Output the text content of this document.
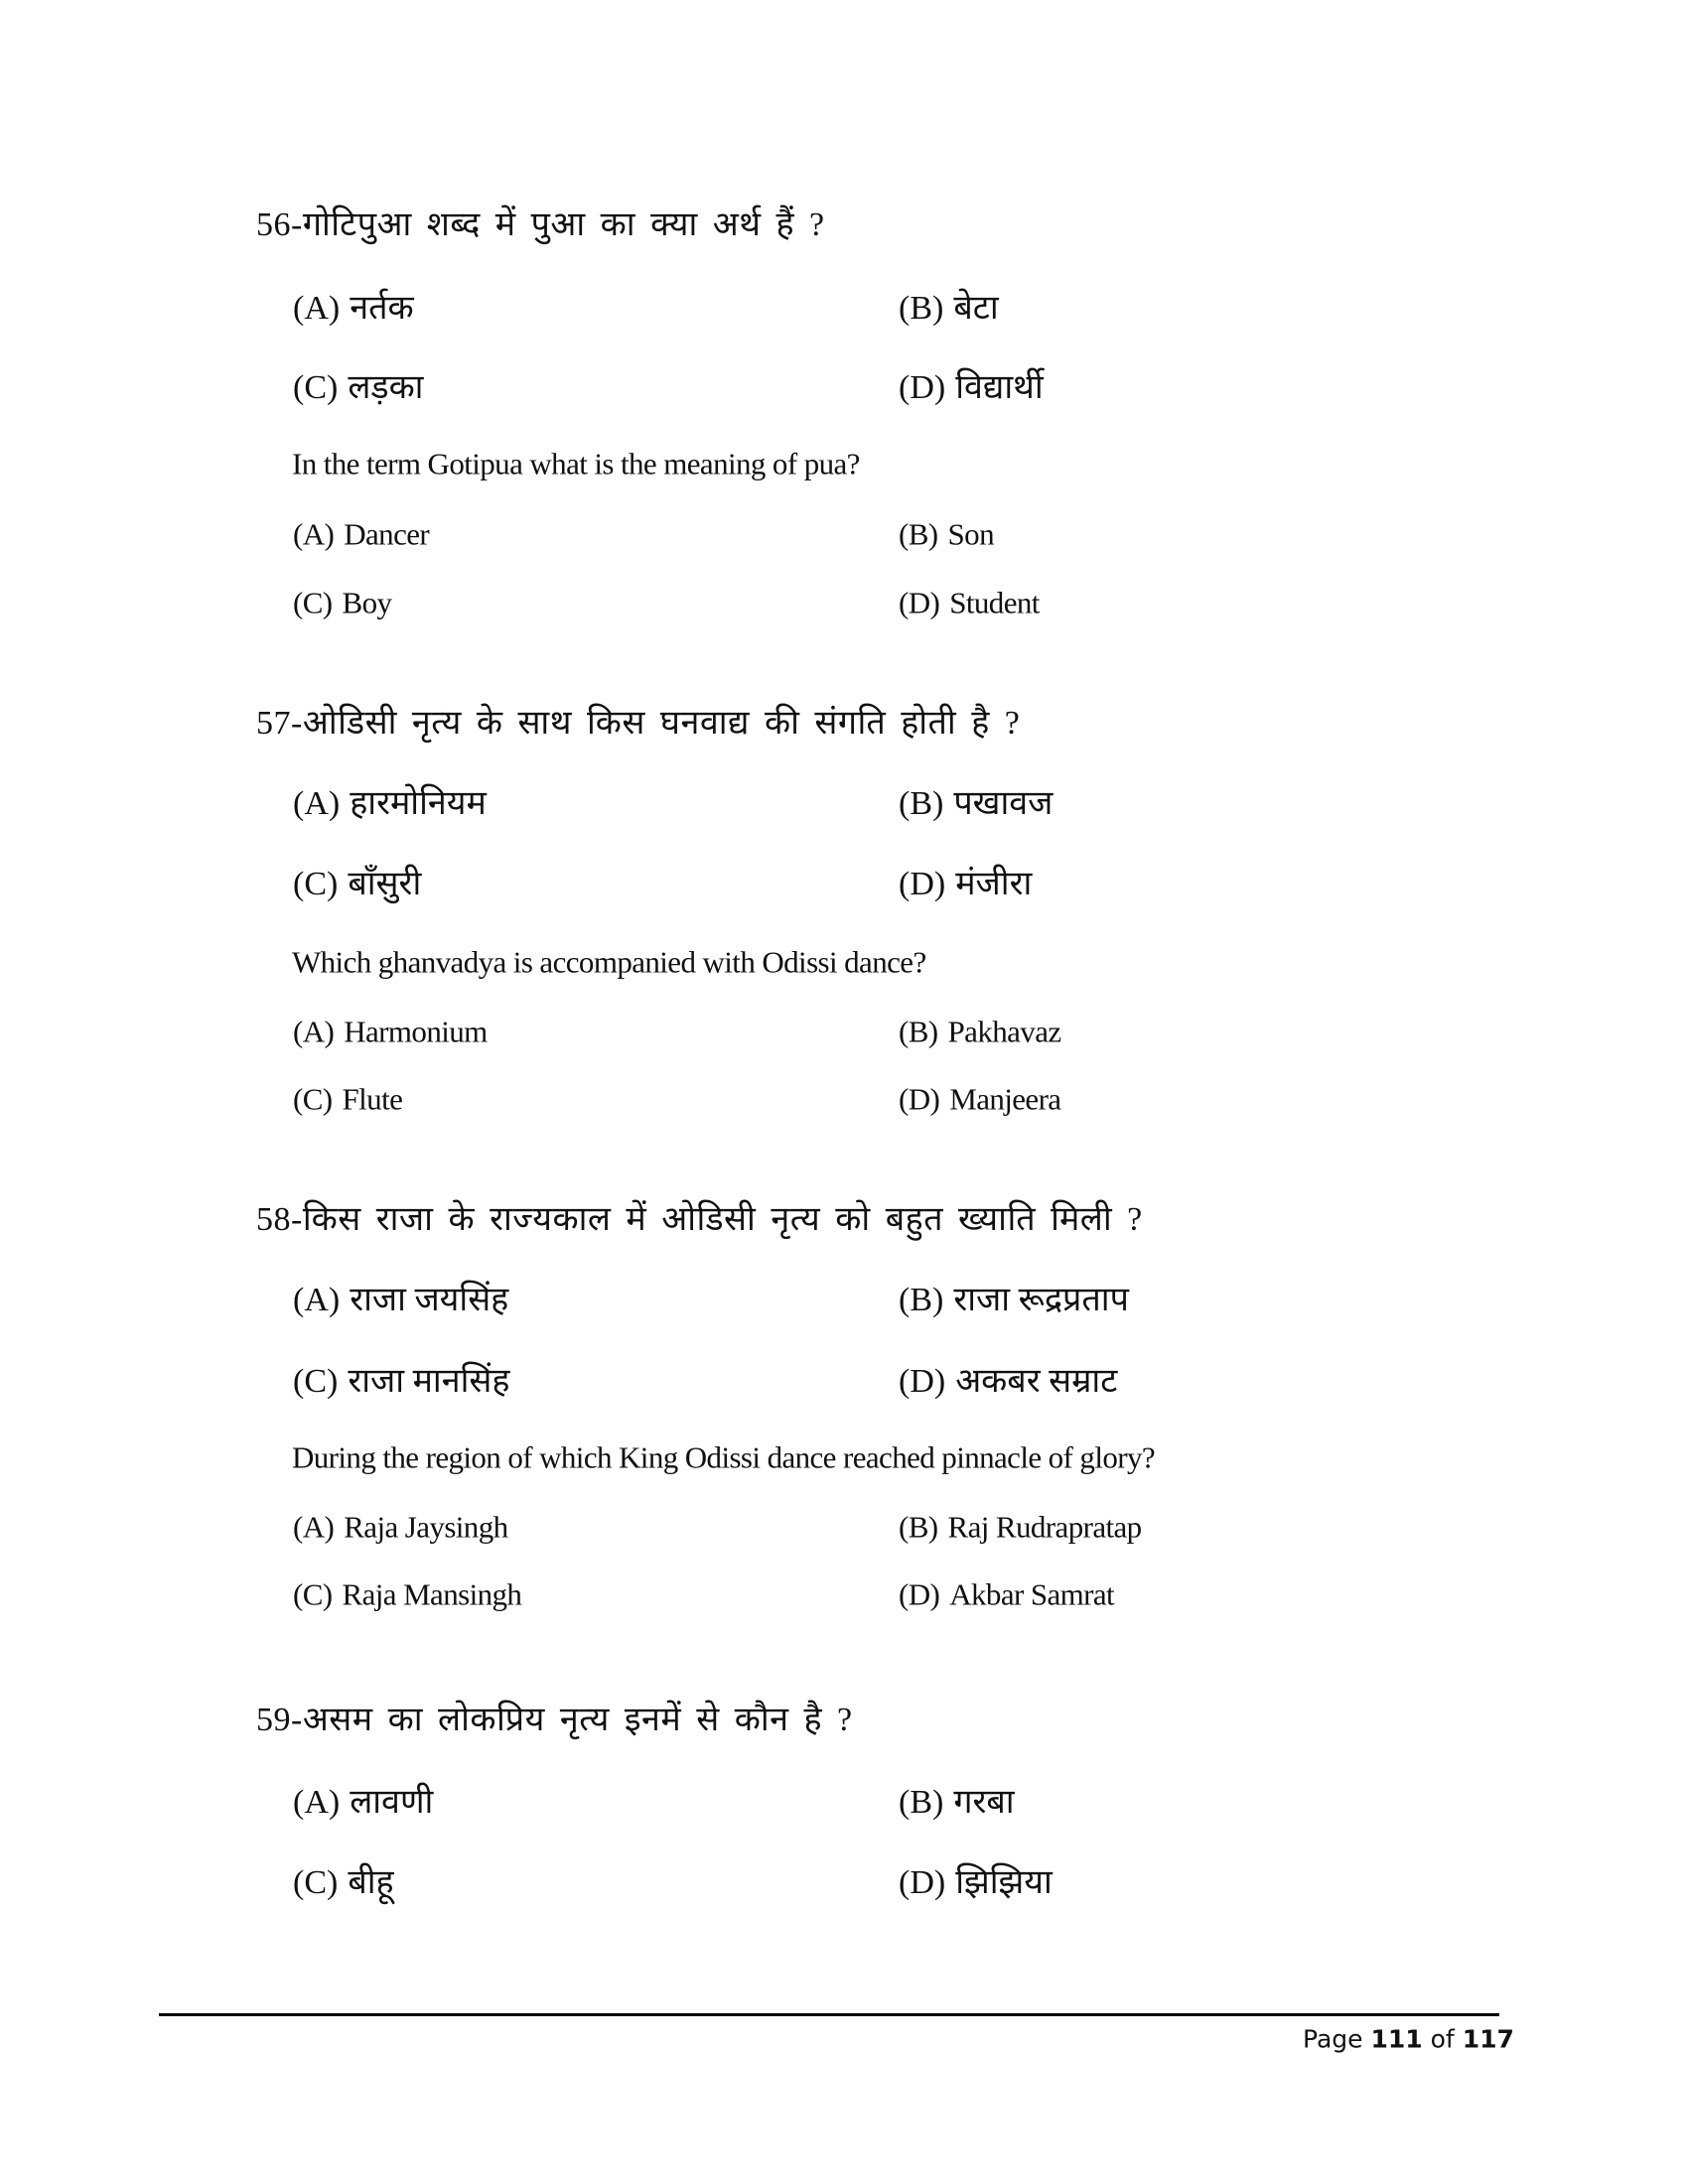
56-गोटिपुआ शब्द में पुआ का क्या अर्थ हैं ?
(A) नर्तक	(B) बेटा
(C) लड़का	(D) विद्यार्थी
In the term Gotipua what is the meaning of pua?
(A) Dancer	(B) Son
(C) Boy	(D) Student
57-ओडिसी नृत्य के साथ किस घनवाद्य की संगति होती है ?
(A) हारमोनियम	(B) पखावज
(C) बाँसुरी	(D) मंजीरा
Which ghanvadya is accompanied with Odissi dance?
(A) Harmonium	(B) Pakhavaz
(C) Flute	(D) Manjeera
58-किस राजा के राज्यकाल में ओडिसी नृत्य को बहुत ख्याति मिली ?
(A) राजा जयसिंह	(B) राजा रूद्रप्रताप
(C) राजा मानसिंह	(D) अकबर सम्राट
During the region of which King Odissi dance reached pinnacle of glory?
(A) Raja Jaysingh	(B) Raj Rudrapratap
(C) Raja Mansingh	(D) Akbar Samrat
59-असम का लोकप्रिय नृत्य इनमें से कौन है ?
(A) लावणी	(B) गरबा
(C) बीहू	(D) झिझिया
Page 111 of 117
